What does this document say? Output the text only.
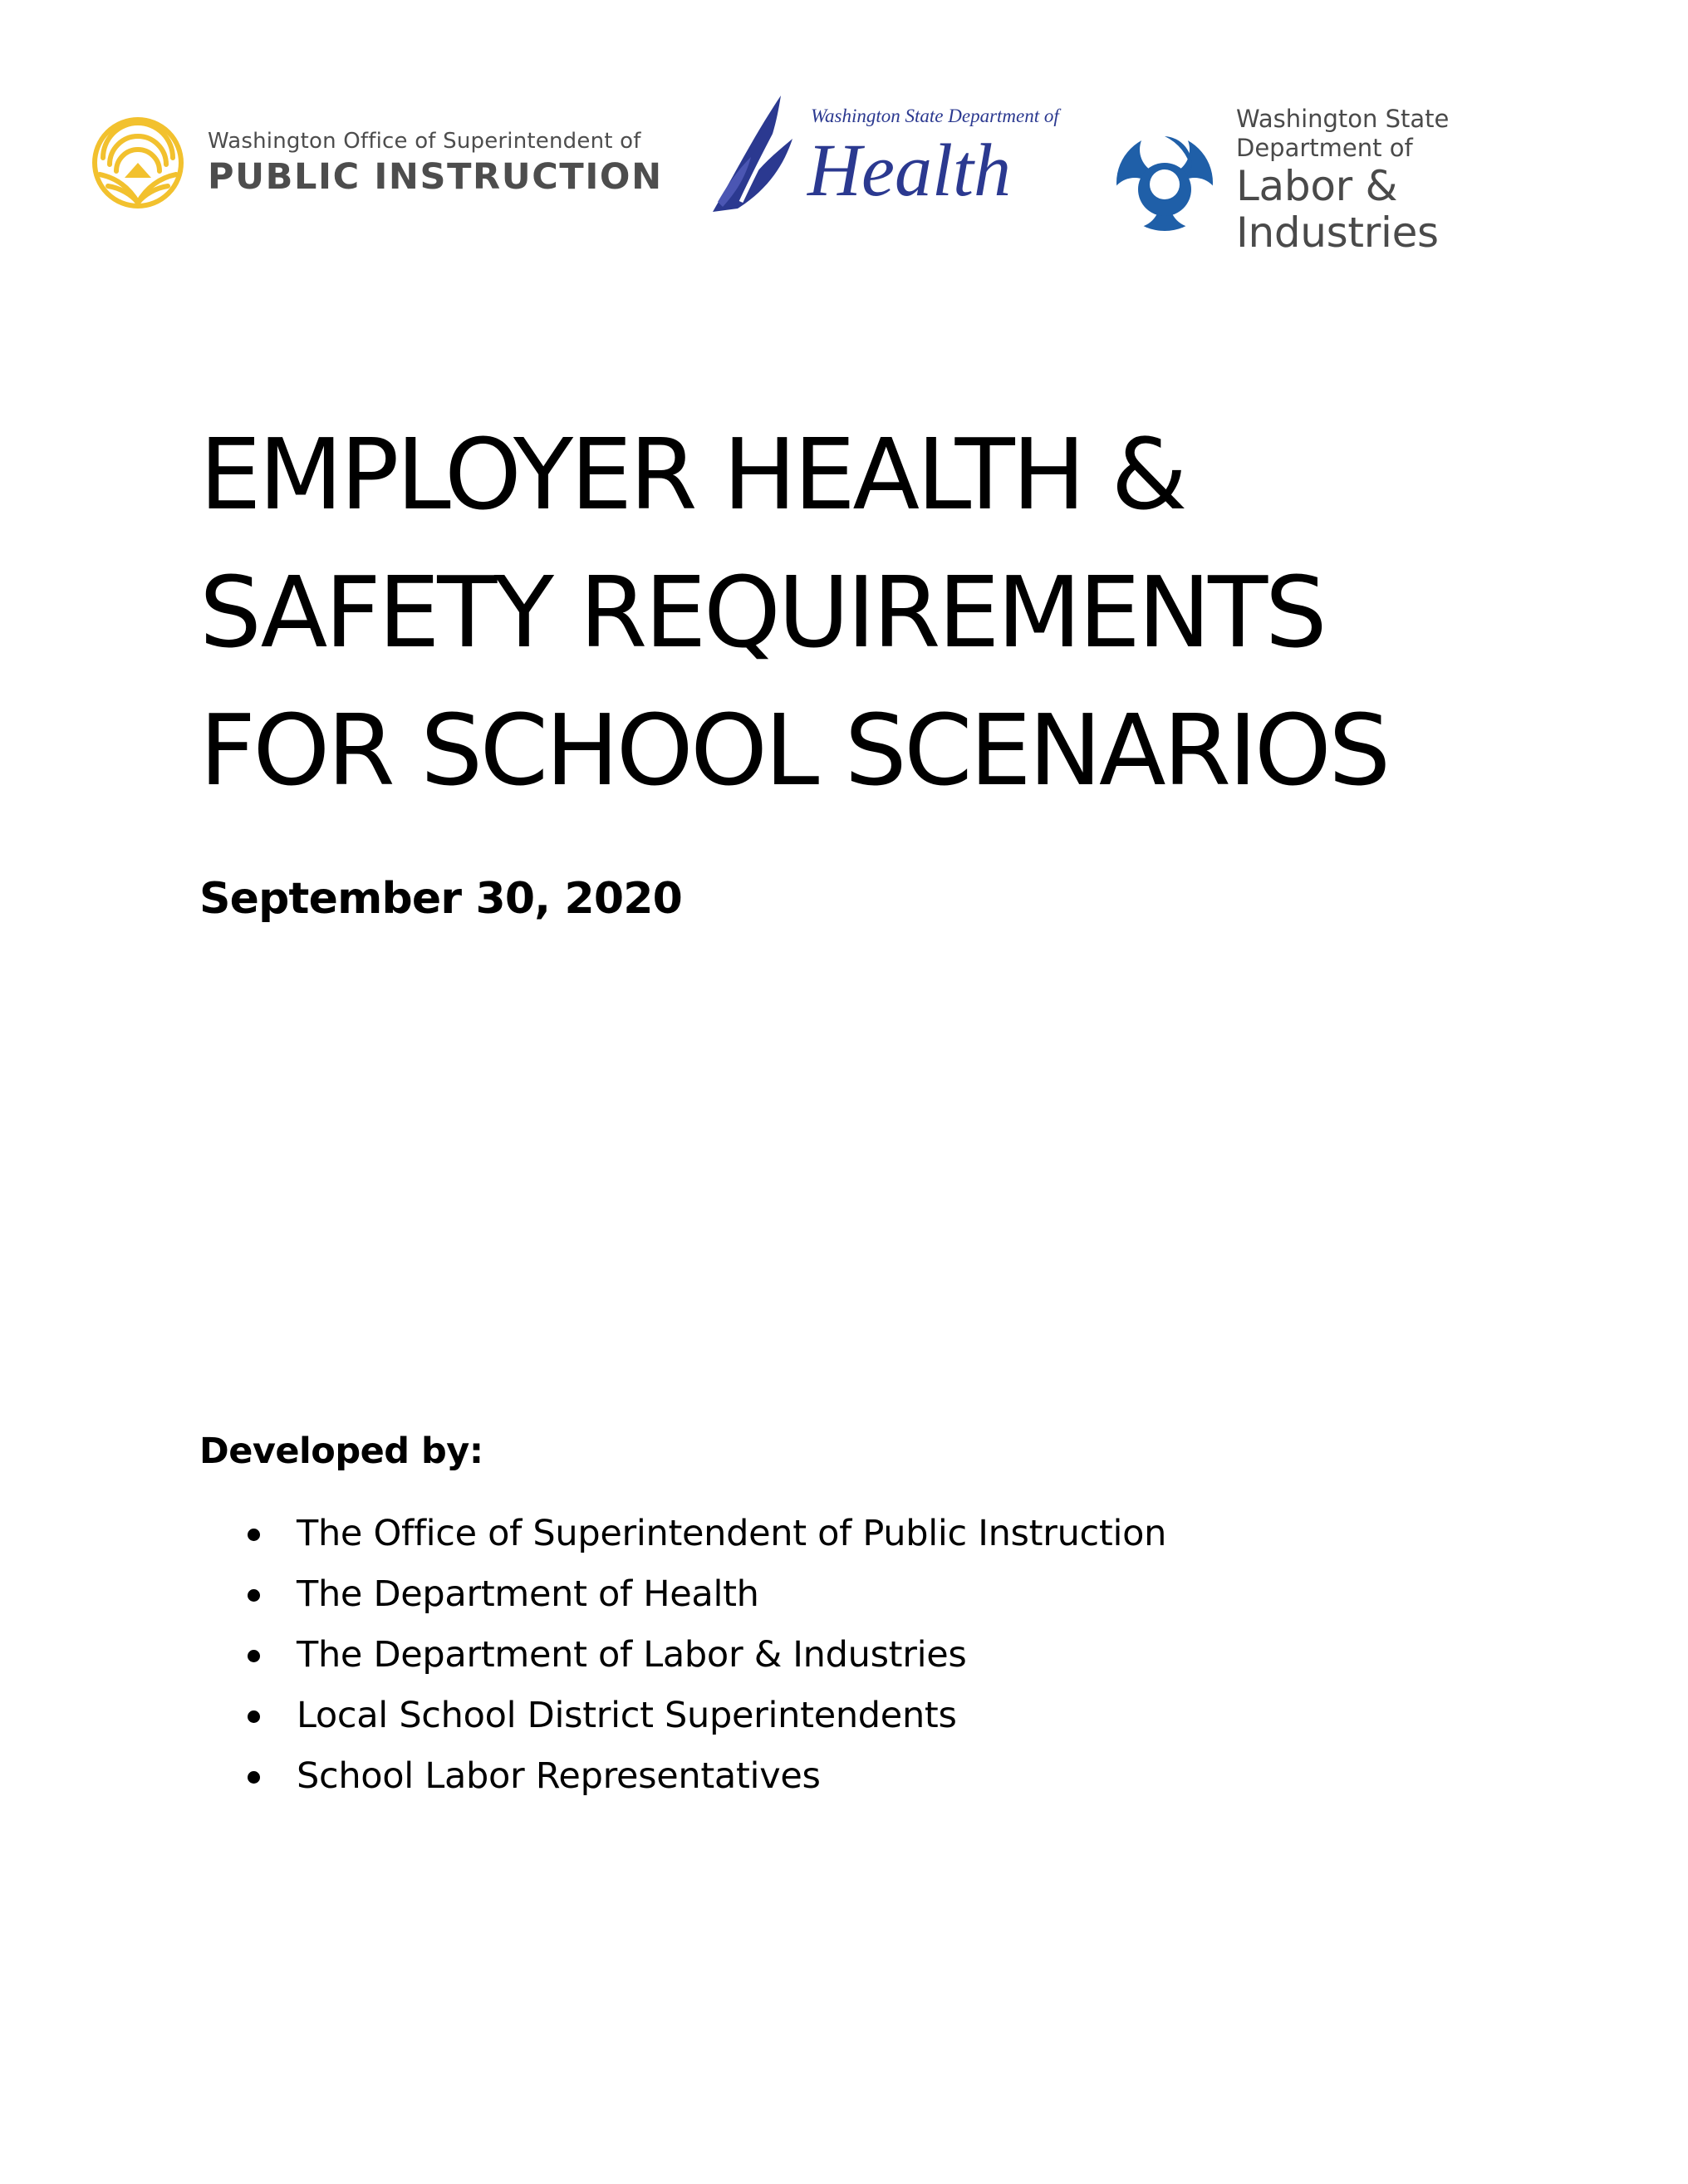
Washington Office of Superintendent of
PUBLIC INSTRUCTION
Washington State Department of
Health
Washington State Department of
Labor & Industries
EMPLOYER HEALTH &
SAFETY REQUIREMENTS
FOR SCHOOL SCENARIOS
September 30, 2020
Developed by:
The Office of Superintendent of Public Instruction
The Department of Health
The Department of Labor & Industries
Local School District Superintendents
School Labor Representatives
